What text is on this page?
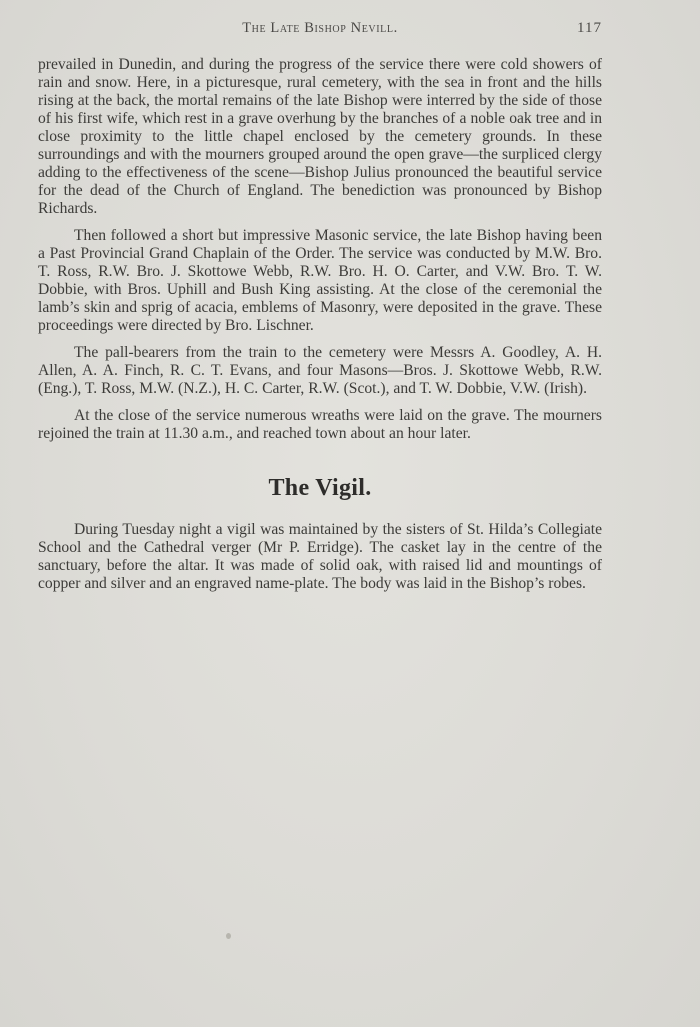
The Late Bishop Nevill.	117

prevailed in Dunedin, and during the progress of the service there were cold showers of rain and snow. Here, in a picturesque, rural cemetery, with the sea in front and the hills rising at the back, the mortal remains of the late Bishop were interred by the side of those of his first wife, which rest in a grave overhung by the branches of a noble oak tree and in close proximity to the little chapel enclosed by the cemetery grounds. In these surroundings and with the mourners grouped around the open grave—the surpliced clergy adding to the effectiveness of the scene—Bishop Julius pronounced the beautiful service for the dead of the Church of England. The benediction was pronounced by Bishop Richards.

Then followed a short but impressive Masonic service, the late Bishop having been a Past Provincial Grand Chaplain of the Order. The service was conducted by M.W. Bro. T. Ross, R.W. Bro. J. Skottowe Webb, R.W. Bro. H. O. Carter, and V.W. Bro. T. W. Dobbie, with Bros. Uphill and Bush King assisting. At the close of the ceremonial the lamb’s skin and sprig of acacia, emblems of Masonry, were deposited in the grave. These proceedings were directed by Bro. Lischner.

The pall-bearers from the train to the cemetery were Messrs A. Goodley, A. H. Allen, A. A. Finch, R. C. T. Evans, and four Masons—Bros. J. Skottowe Webb, R.W. (Eng.), T. Ross, M.W. (N.Z.), H. C. Carter, R.W. (Scot.), and T. W. Dobbie, V.W. (Irish).

At the close of the service numerous wreaths were laid on the grave. The mourners rejoined the train at 11.30 a.m., and reached town about an hour later.

The Vigil.

During Tuesday night a vigil was maintained by the sisters of St. Hilda’s Collegiate School and the Cathedral verger (Mr P. Erridge). The casket lay in the centre of the sanctuary, before the altar. It was made of solid oak, with raised lid and mountings of copper and silver and an engraved name-plate. The body was laid in the Bishop’s robes.
